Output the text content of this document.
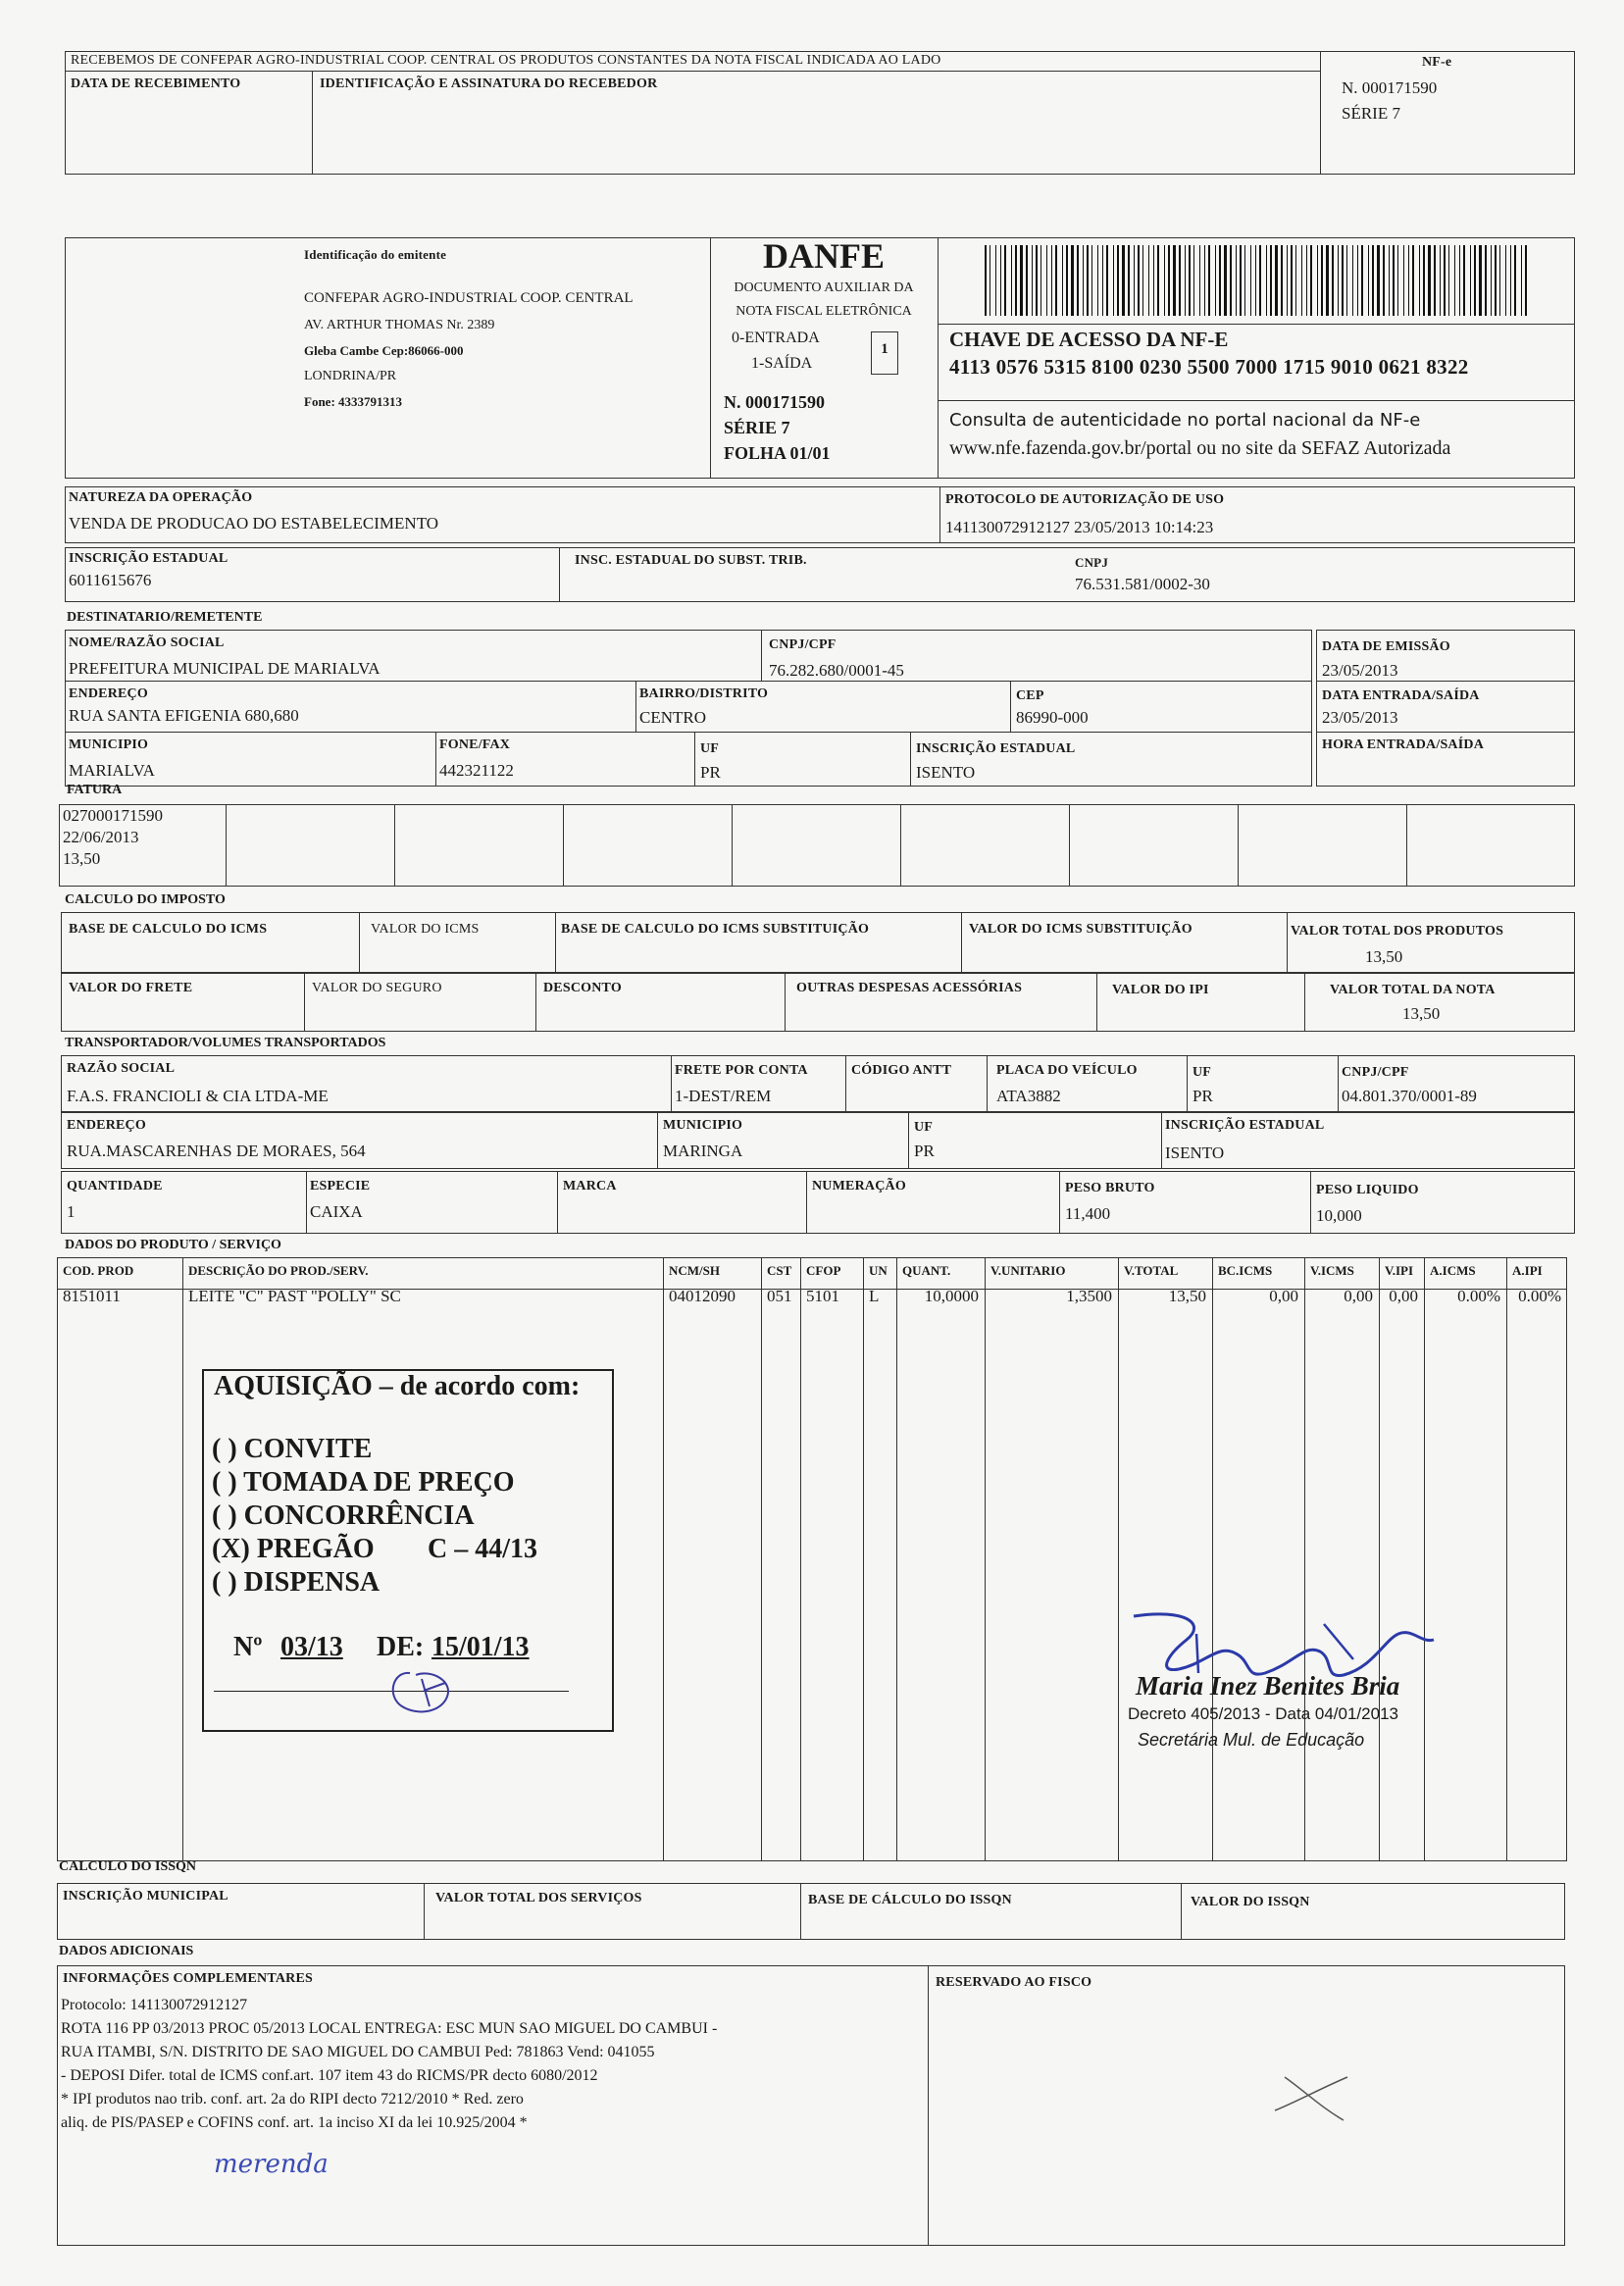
RECEBEMOS DE CONFEPAR AGRO-INDUSTRIAL COOP. CENTRAL OS PRODUTOS CONSTANTES DA NOTA FISCAL INDICADA AO LADO
DATA DE RECEBIMENTO	IDENTIFICAÇÃO E ASSINATURA DO RECEBEDOR
NF-e
N. 000171590
SÉRIE 7
Identificação do emitente
CONFEPAR AGRO-INDUSTRIAL COOP. CENTRAL
AV. ARTHUR THOMAS Nr. 2389
Gleba Cambe Cep:86066-000
LONDRINA/PR
Fone: 4333791313
DANFE
DOCUMENTO AUXILIAR DA
NOTA FISCAL ELETRÔNICA
0-ENTRADA
1-SAÍDA
1
N. 000171590
SÉRIE 7
FOLHA 01/01
CHAVE DE ACESSO DA NF-E
4113 0576 5315 8100 0230 5500 7000 1715 9010 0621 8322
Consulta de autenticidade no portal nacional da NF-e
www.nfe.fazenda.gov.br/portal ou no site da SEFAZ Autorizada
NATUREZA DA OPERAÇÃO
VENDA DE PRODUCAO DO ESTABELECIMENTO
PROTOCOLO DE AUTORIZAÇÃO DE USO
141130072912127 23/05/2013 10:14:23
INSCRIÇÃO ESTADUAL
6011615676
INSC. ESTADUAL DO SUBST. TRIB.	CNPJ
76.531.581/0002-30
DESTINATARIO/REMETENTE
NOME/RAZÃO SOCIAL
PREFEITURA MUNICIPAL DE MARIALVA
CNPJ/CPF
76.282.680/0001-45
DATA DE EMISSÃO
23/05/2013
ENDEREÇO
RUA SANTA EFIGENIA 680,680
BAIRRO/DISTRITO
CENTRO
CEP
86990-000
DATA ENTRADA/SAÍDA
23/05/2013
MUNICIPIO
MARIALVA
FONE/FAX
442321122
UF
PR
INSCRIÇÃO ESTADUAL
ISENTO
HORA ENTRADA/SAÍDA
FATURA
027000171590
22/06/2013
13,50
CALCULO DO IMPOSTO
BASE DE CALCULO DO ICMS	VALOR DO ICMS	BASE DE CALCULO DO ICMS SUBSTITUIÇÃO	VALOR DO ICMS SUBSTITUIÇÃO	VALOR TOTAL DOS PRODUTOS
13,50
VALOR DO FRETE	VALOR DO SEGURO	DESCONTO	OUTRAS DESPESAS ACESSÓRIAS	VALOR DO IPI	VALOR TOTAL DA NOTA
13,50
TRANSPORTADOR/VOLUMES TRANSPORTADOS
RAZÃO SOCIAL
F.A.S. FRANCIOLI & CIA LTDA-ME
FRETE POR CONTA
1-DEST/REM
CÓDIGO ANTT	PLACA DO VEÍCULO
ATA3882
UF
PR
CNPJ/CPF
04.801.370/0001-89
ENDEREÇO
RUA.MASCARENHAS DE MORAES, 564
MUNICIPIO
MARINGA
UF
PR
INSCRIÇÃO ESTADUAL
ISENTO
QUANTIDADE
1
ESPECIE
CAIXA
MARCA	NUMERAÇÃO	PESO BRUTO
11,400
PESO LIQUIDO
10,000
DADOS DO PRODUTO / SERVIÇO
COD. PROD	DESCRIÇÃO DO PROD./SERV.	NCM/SH	CST CFOP UN QUANT.	V.UNITARIO	V.TOTAL	BC.ICMS	V.ICMS V.IPI A.ICMS	A.IPI
8151011	LEITE "C" PAST "POLLY" SC	04012090 051 5101 L	10,0000	1,3500	13,50	0,00	0,00 0,00	0.00%	0.00%
AQUISIÇÃO – de acordo com:
( ) CONVITE
( ) TOMADA DE PREÇO
( ) CONCORRÊNCIA
(X) PREGÃO C – 44/13
( ) DISPENSA
Nº 03/13 DE: 15/01/13
Maria Inez Benites Bria
Decreto 405/2013 - Data 04/01/2013
Secretária Mul. de Educação
CALCULO DO ISSQN
INSCRIÇÃO MUNICIPAL	VALOR TOTAL DOS SERVIÇOS	BASE DE CÁLCULO DO ISSQN	VALOR DO ISSQN
DADOS ADICIONAIS
INFORMAÇÕES COMPLEMENTARES	RESERVADO AO FISCO
Protocolo: 141130072912127
ROTA 116 PP 03/2013 PROC 05/2013 LOCAL ENTREGA: ESC MUN SAO MIGUEL DO CAMBUI -
RUA ITAMBI, S/N. DISTRITO DE SAO MIGUEL DO CAMBUI Ped: 781863 Vend: 041055
- DEPOSI Difer. total de ICMS conf.art. 107 item 43 do RICMS/PR decto 6080/2012
* IPI produtos nao trib. conf. art. 2a do RIPI decto 7212/2010 * Red. zero
aliq. de PIS/PASEP e COFINS conf. art. 1a inciso XI da lei 10.925/2004 *
merenda
